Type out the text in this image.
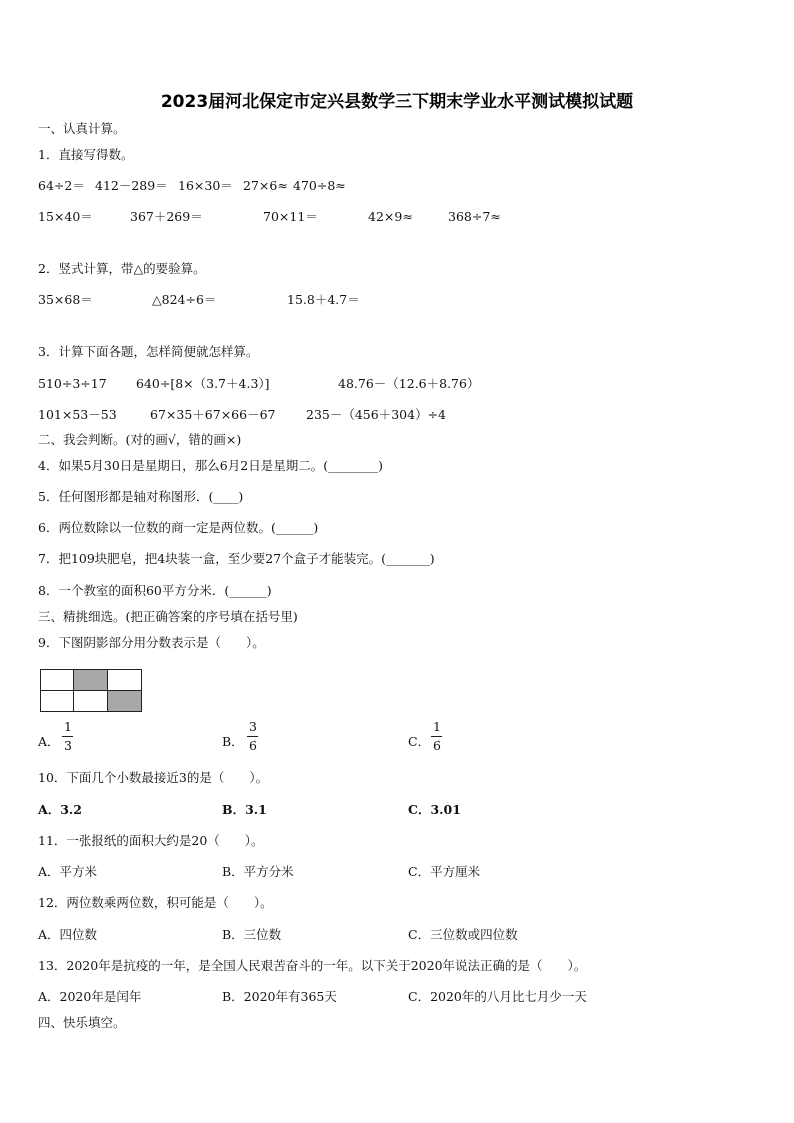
2023届河北保定市定兴县数学三下期末学业水平测试模拟试题
一、认真计算。
1．直接写得数。
64÷2＝ 412－289＝ 16×30＝ 27×6≈ 470÷8≈
15×40＝	367＋269＝	70×11＝	42×9≈	368÷7≈
2．竖式计算，带△的要验算。
35×68＝	△824÷6＝	15.8＋4.7＝
3．计算下面各题，怎样简便就怎样算。
510÷3÷17 640÷[8×（3.7＋4.3）]	48.76－（12.6＋8.76）
101×53－53	67×35＋67×66－67 235－（456＋304）÷4
二、我会判断。(对的画√，错的画×)
4．如果5月30日是星期日，那么6月2日是星期二。(________)
5．任何图形都是轴对称图形．(____)
6．两位数除以一位数的商一定是两位数。(______)
7．把109块肥皂，把4块装一盒，至少要27个盒子才能装完。(_______)
8．一个教室的面积60平方分米．(______)
三、精挑细选。(把正确答案的序号填在括号里)
9．下图阴影部分用分数表示是（　　）。
A．
1
3	B．
3
6	C．
1
6
10．下面几个小数最接近3的是（　　）。
A．3.2	B．3.1	C．3.01
11．一张报纸的面积大约是20（　　）。
A．平方米	B．平方分米	C．平方厘米
12．两位数乘两位数，积可能是（　　）。
A．四位数	B．三位数	C．三位数或四位数
13．2020年是抗疫的一年，是全国人民艰苦奋斗的一年。以下关于2020年说法正确的是（　　）。
A．2020年是闰年	B．2020年有365天	C．2020年的八月比七月少一天
四、快乐填空。
